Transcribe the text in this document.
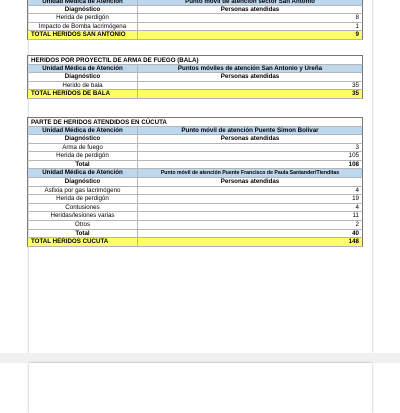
Unidad Médica de Atención	Punto móvil de atención sector San Antonio
Diagnóstico	Personas atendidas
Herida de perdigón	8
Impacto de Bomba lacrimógena	1
TOTAL HERIDOS SAN ANTONIO	9
HERIDOS POR PROYECTIL DE ARMA DE FUEGO (BALA)
Unidad Médica de Atención	Puntos móviles de atención San Antonio y Ureña
Diagnóstico	Personas atendidas
Herido de bala	35
TOTAL HERIDOS DE BALA	35
PARTE DE HERIDOS ATENDIDOS EN CÚCUTA
Unidad Médica de Atención	Punto móvil de atención Puente Simon Bolivar
Diagnóstico	Personas atendidas
Arma de fuego	3
Herida de perdigón	105
Total	108
Unidad Médica de Atención	Punto móvil de atención Puente Francisco de Paula Santander/Tienditas
Diagnóstico	Personas atendidas
Asfixia por gas lacrimógeno	4
Herida de perdigón	19
Contusiones	4
Heridas/lesiones varias	11
Otros	2
Total	40
TOTAL HERIDOS CÚCUTA	148
